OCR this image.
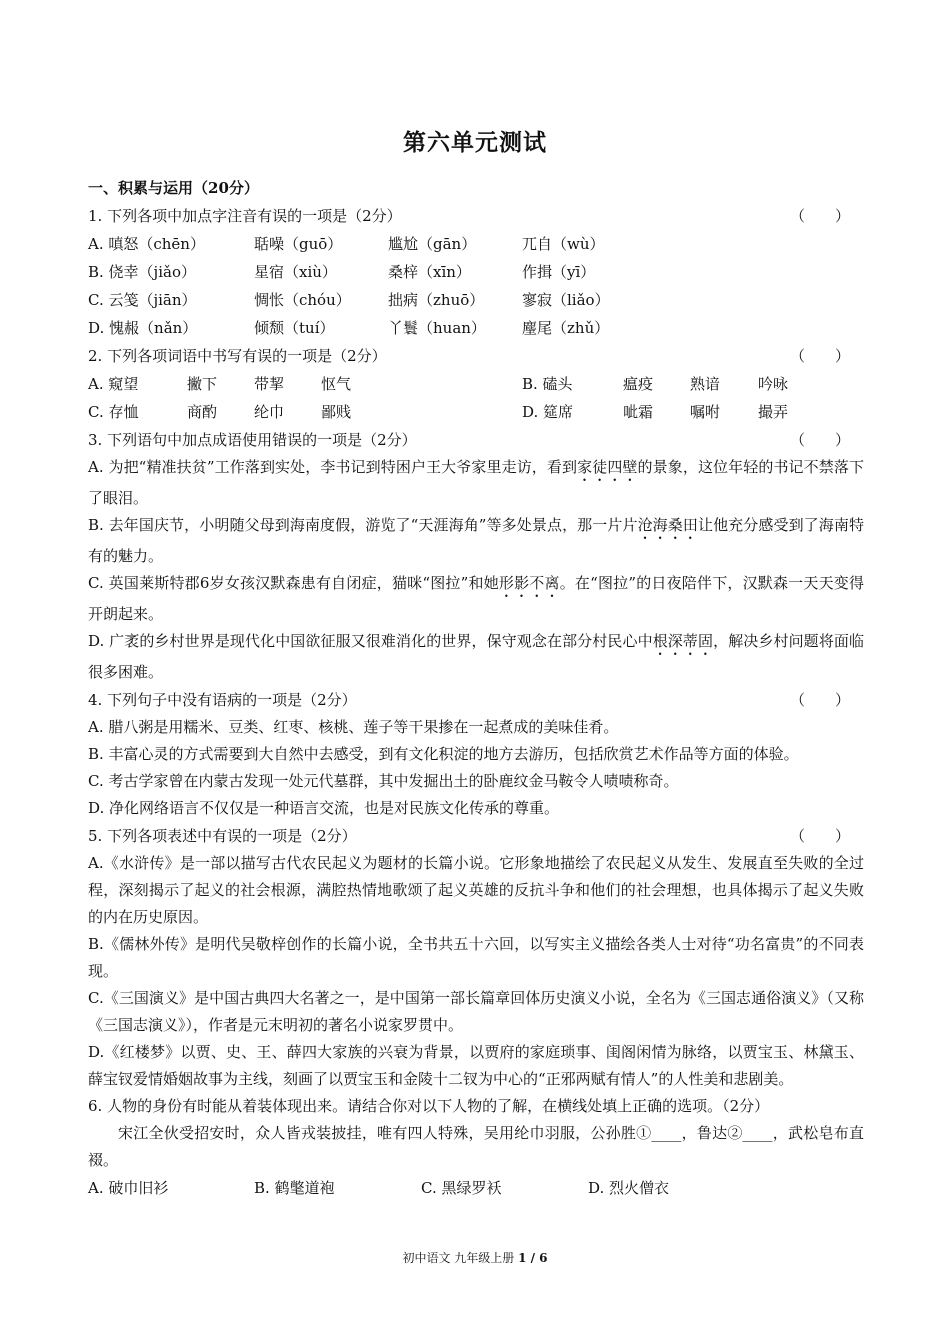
第六单元测试
一、积累与运用（20分）
1. 下列各项中加点字注音有误的一项是（2分）	（　　）
A. 嗔怒（chēn）	聒噪（guō）	尴尬（gān）	兀自（wù）
B. 侥幸（jiǎo）	星宿（xiù）	桑梓（xīn）	作揖（yī）
C. 云笺（jiān）	惆怅（chóu） 拙病（zhuō）	寥寂（liǎo）
D. 愧赧（nǎn）	倾颓（tuí）	丫鬟（huan） 麈尾（zhǔ）
2. 下列各项词语中书写有误的一项是（2分）	（　　）
A. 窥望	撇下 带挈 怄气	B. 磕头	瘟疫 熟谙	吟咏
C. 存恤	商酌 纶巾 鄙贱	D. 筵席	呲霜 嘱咐	撮弄
3. 下列语句中加点成语使用错误的一项是（2分）	（　　）
A. 为把“精准扶贫”工作落到实处，李书记到特困户王大爷家里走访，看到家徒四壁的景象，这位年轻的书记不禁落下了眼泪。
B. 去年国庆节，小明随父母到海南度假，游览了“天涯海角”等多处景点，那一片片沧海桑田让他充分感受到了海南特有的魅力。
C. 英国莱斯特郡6岁女孩汉默森患有自闭症，猫咪“图拉”和她形影不离。在“图拉”的日夜陪伴下，汉默森一天天变得开朗起来。
D. 广袤的乡村世界是现代化中国欲征服又很难消化的世界，保守观念在部分村民心中根深蒂固，解决乡村问题将面临很多困难。
4. 下列句子中没有语病的一项是（2分）	（　　）
A. 腊八粥是用糯米、豆类、红枣、核桃、莲子等干果掺在一起煮成的美味佳肴。
B. 丰富心灵的方式需要到大自然中去感受，到有文化积淀的地方去游历，包括欣赏艺术作品等方面的体验。
C. 考古学家曾在内蒙古发现一处元代墓群，其中发掘出土的卧鹿纹金马鞍令人啧啧称奇。
D. 净化网络语言不仅仅是一种语言交流，也是对民族文化传承的尊重。
5. 下列各项表述中有误的一项是（2分）	（　　）
A.《水浒传》是一部以描写古代农民起义为题材的长篇小说。它形象地描绘了农民起义从发生、发展直至失败的全过程，深刻揭示了起义的社会根源，满腔热情地歌颂了起义英雄的反抗斗争和他们的社会理想，也具体揭示了起义失败的内在历史原因。
B.《儒林外传》是明代吴敬梓创作的长篇小说，全书共五十六回，以写实主义描绘各类人士对待“功名富贵”的不同表现。
C.《三国演义》是中国古典四大名著之一，是中国第一部长篇章回体历史演义小说，全名为《三国志通俗演义》（又称《三国志演义》），作者是元末明初的著名小说家罗贯中。
D.《红楼梦》以贾、史、王、薛四大家族的兴衰为背景，以贾府的家庭琐事、闺阁闲情为脉络，以贾宝玉、林黛玉、薛宝钗爱情婚姻故事为主线，刻画了以贾宝玉和金陵十二钗为中心的“正邪两赋有情人”的人性美和悲剧美。
6. 人物的身份有时能从着装体现出来。请结合你对以下人物的了解，在横线处填上正确的选项。（2分）
宋江全伙受招安时，众人皆戎装披挂，唯有四人特殊，吴用纶巾羽服，公孙胜①____，鲁达②____，武松皂布直裰。
A. 破巾旧衫	B. 鹤氅道袍	C. 黑绿罗袄	D. 烈火僧衣
初中语文 九年级上册 1 / 6
